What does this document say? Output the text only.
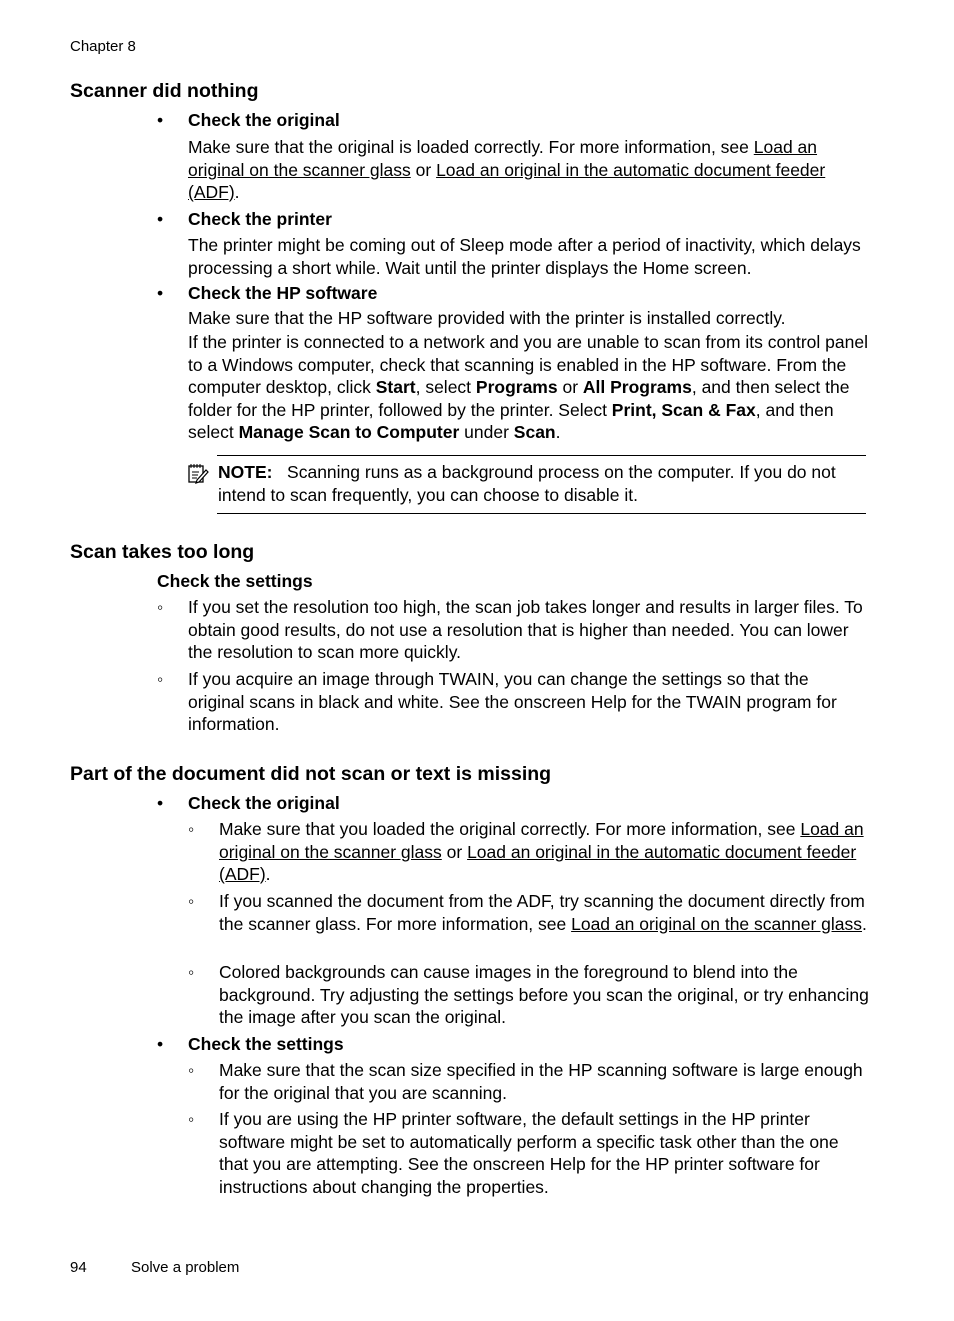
Chapter 8
Scanner did nothing
• Check the original
Make sure that the original is loaded correctly. For more information, see Load an original on the scanner glass or Load an original in the automatic document feeder (ADF).
• Check the printer
The printer might be coming out of Sleep mode after a period of inactivity, which delays processing a short while. Wait until the printer displays the Home screen.
• Check the HP software
Make sure that the HP software provided with the printer is installed correctly.
If the printer is connected to a network and you are unable to scan from its control panel to a Windows computer, check that scanning is enabled in the HP software. From the computer desktop, click Start, select Programs or All Programs, and then select the folder for the HP printer, followed by the printer. Select Print, Scan & Fax, and then select Manage Scan to Computer under Scan.
NOTE: Scanning runs as a background process on the computer. If you do not intend to scan frequently, you can choose to disable it.
Scan takes too long
Check the settings
◦ If you set the resolution too high, the scan job takes longer and results in larger files. To obtain good results, do not use a resolution that is higher than needed. You can lower the resolution to scan more quickly.
◦ If you acquire an image through TWAIN, you can change the settings so that the original scans in black and white. See the onscreen Help for the TWAIN program for information.
Part of the document did not scan or text is missing
• Check the original
◦ Make sure that you loaded the original correctly. For more information, see Load an original on the scanner glass or Load an original in the automatic document feeder (ADF).
◦ If you scanned the document from the ADF, try scanning the document directly from the scanner glass. For more information, see Load an original on the scanner glass.
◦ Colored backgrounds can cause images in the foreground to blend into the background. Try adjusting the settings before you scan the original, or try enhancing the image after you scan the original.
• Check the settings
◦ Make sure that the scan size specified in the HP scanning software is large enough for the original that you are scanning.
◦ If you are using the HP printer software, the default settings in the HP printer software might be set to automatically perform a specific task other than the one that you are attempting. See the onscreen Help for the HP printer software for instructions about changing the properties.
94	Solve a problem
